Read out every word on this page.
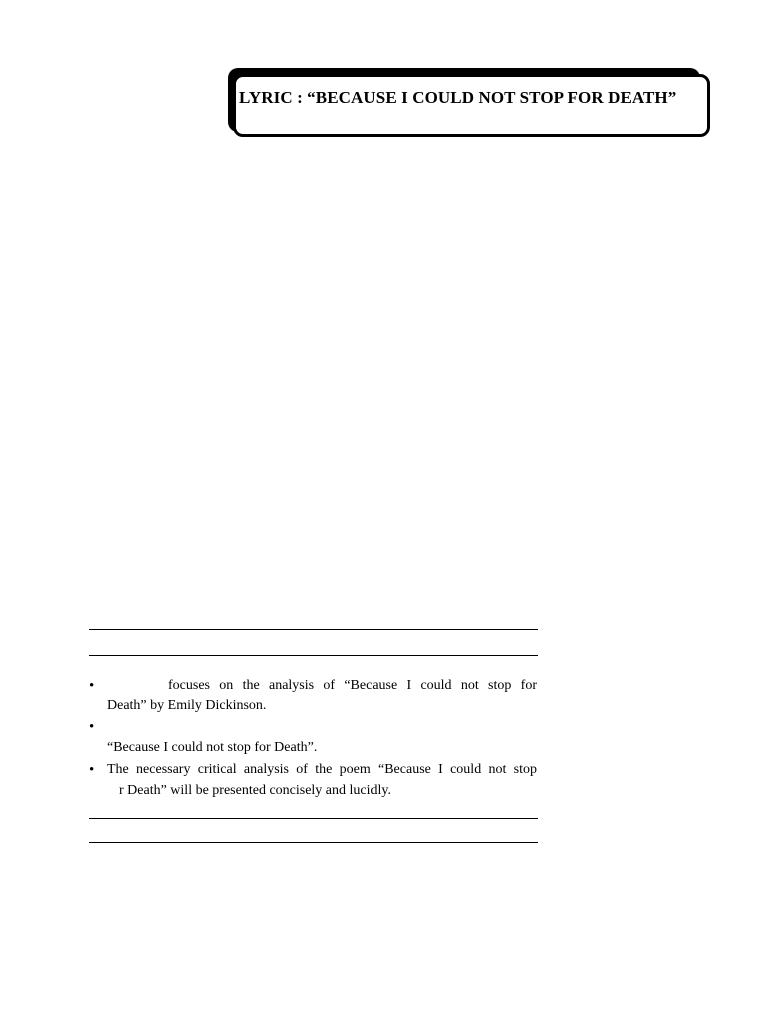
LYRIC : “BECAUSE I COULD NOT STOP FOR DEATH”
•	focuses on the analysis of “Because I could not stop for
Death” by Emily Dickinson.
•
“Because I could not stop for Death”.
• The necessary critical analysis of the poem “Because I could not stop
r Death” will be presented concisely and lucidly.
